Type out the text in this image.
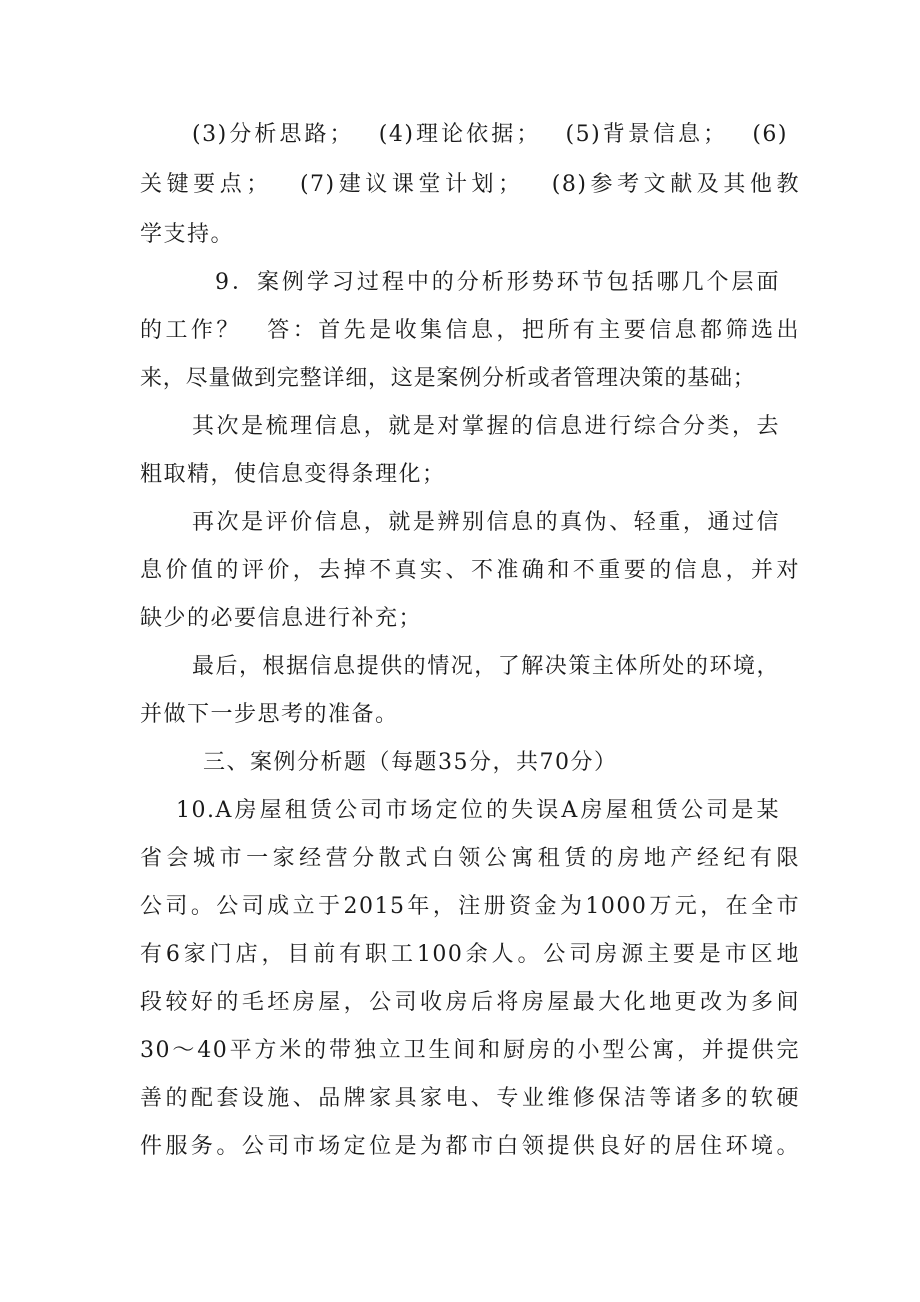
(3)分析思路；　 (4)理论依据；　 (5)背景信息；　 (6)
关键要点；　 (7)建议课堂计划；　 (8)参考文献及其他教
学支持。
9．案例学习过程中的分析形势环节包括哪几个层面
的工作？　答：首先是收集信息，把所有主要信息都筛选出
来，尽量做到完整详细，这是案例分析或者管理决策的基础；
其次是梳理信息，就是对掌握的信息进行综合分类，去
粗取精，使信息变得条理化；
再次是评价信息，就是辨别信息的真伪、轻重，通过信
息价值的评价，去掉不真实、不准确和不重要的信息，并对
缺少的必要信息进行补充；
最后，根据信息提供的情况，了解决策主体所处的环境，
并做下一步思考的准备。
三、案例分析题（每题35分，共70分）
10.A房屋租赁公司市场定位的失误A房屋租赁公司是某
省会城市一家经营分散式白领公寓租赁的房地产经纪有限
公司。公司成立于2015年，注册资金为1000万元，在全市
有6家门店，目前有职工100余人。公司房源主要是市区地
段较好的毛坯房屋，公司收房后将房屋最大化地更改为多间
30～40平方米的带独立卫生间和厨房的小型公寓，并提供完
善的配套设施、品牌家具家电、专业维修保洁等诸多的软硬
件服务。公司市场定位是为都市白领提供良好的居住环境。
